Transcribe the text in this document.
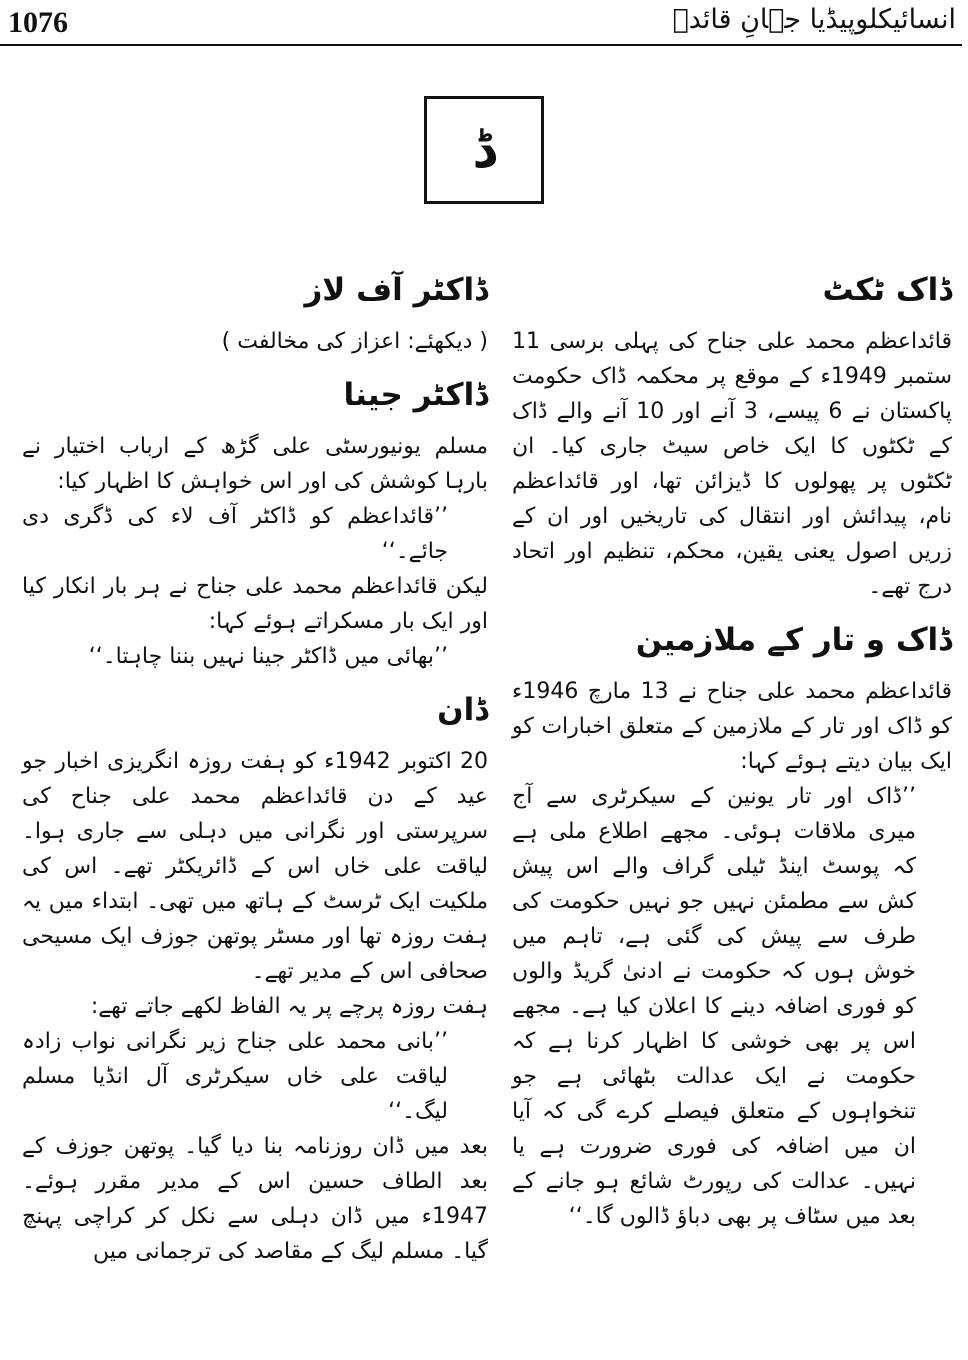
1076	انسائیکلوپیڈیا جہانِ قائدؒ
ڈ
ڈاک ٹکٹ

قائداعظم محمد علی جناح کی پہلی برسی 11 ستمبر 1949ء کے موقع پر محکمہ ڈاک حکومت پاکستان نے 6 پیسے، 3 آنے اور 10 آنے والے ڈاک کے ٹکٹوں کا ایک خاص سیٹ جاری کیا۔ ان ٹکٹوں پر پھولوں کا ڈیزائن تھا، اور قائداعظم نام، پیدائش اور انتقال کی تاریخیں اور ان کے زریں اصول یعنی یقین، محکم، تنظیم اور اتحاد درج تھے۔

ڈاک و تار کے ملازمین

قائداعظم محمد علی جناح نے 13 مارچ 1946ء کو ڈاک اور تار کے ملازمین کے متعلق اخبارات کو ایک بیان دیتے ہوئے کہا:

’’ڈاک اور تار یونین کے سیکرٹری سے آج میری ملاقات ہوئی۔ مجھے اطلاع ملی ہے کہ پوسٹ اینڈ ٹیلی گراف والے اس پیش کش سے مطمئن نہیں جو نہیں حکومت کی طرف سے پیش کی گئی ہے، تاہم میں خوش ہوں کہ حکومت نے ادنیٰ گریڈ والوں کو فوری اضافہ دینے کا اعلان کیا ہے۔ مجھے اس پر بھی خوشی کا اظہار کرنا ہے کہ حکومت نے ایک عدالت بٹھائی ہے جو تنخواہوں کے متعلق فیصلے کرے گی کہ آیا ان میں اضافہ کی فوری ضرورت ہے یا نہیں۔ عدالت کی رپورٹ شائع ہو جانے کے بعد میں سٹاف پر بھی دباؤ ڈالوں گا۔‘‘

ڈاکٹر آف لاز

( دیکھئے: اعزاز کی مخالفت )

ڈاکٹر جینا

مسلم یونیورسٹی علی گڑھ کے ارباب اختیار نے بارہا کوشش کی اور اس خواہش کا اظہار کیا:

’’قائداعظم کو ڈاکٹر آف لاء کی ڈگری دی جائے۔‘‘

لیکن قائداعظم محمد علی جناح نے ہر بار انکار کیا اور ایک بار مسکراتے ہوئے کہا:

’’بھائی میں ڈاکٹر جینا نہیں بننا چاہتا۔‘‘

ڈان

20 اکتوبر 1942ء کو ہفت روزہ انگریزی اخبار جو عید کے دن قائداعظم محمد علی جناح کی سرپرستی اور نگرانی میں دہلی سے جاری ہوا۔ لیاقت علی خاں اس کے ڈائریکٹر تھے۔ اس کی ملکیت ایک ٹرسٹ کے ہاتھ میں تھی۔ ابتداء میں یہ ہفت روزہ تھا اور مسٹر پوتھن جوزف ایک مسیحی صحافی اس کے مدیر تھے۔

ہفت روزہ پرچے پر یہ الفاظ لکھے جاتے تھے:

’’بانی محمد علی جناح زیر نگرانی نواب زادہ لیاقت علی خاں سیکرٹری آل انڈیا مسلم لیگ۔‘‘

بعد میں ڈان روزنامہ بنا دیا گیا۔ پوتھن جوزف کے بعد الطاف حسین اس کے مدیر مقرر ہوئے۔ 1947ء میں ڈان دہلی سے نکل کر کراچی پہنچ گیا۔ مسلم لیگ کے مقاصد کی ترجمانی میں
